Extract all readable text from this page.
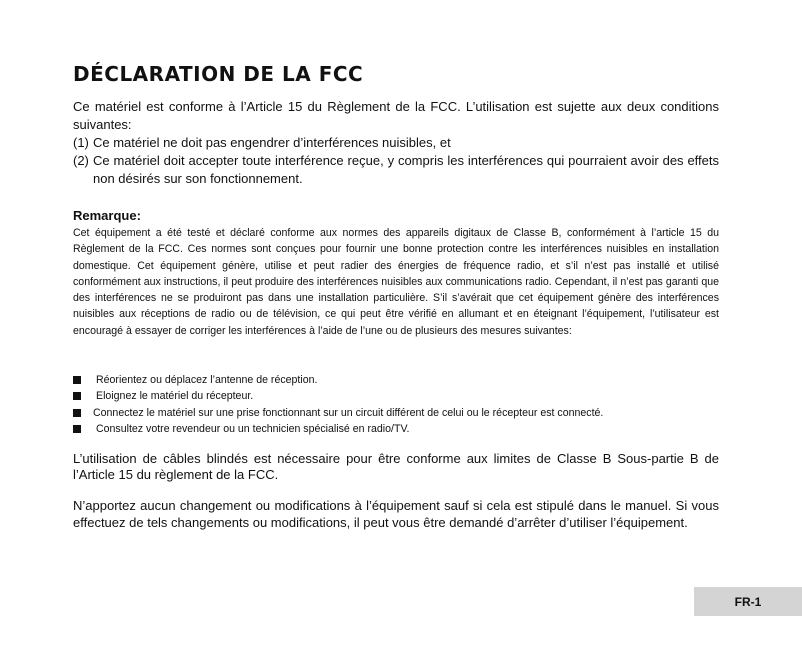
DÉCLARATION DE LA FCC

Ce matériel est conforme à l’Article 15 du Règlement de la FCC. L’utilisation est sujette aux deux conditions suivantes:

(1) Ce matériel ne doit pas engendrer d’interférences nuisibles, et
(2) Ce matériel doit accepter toute interférence reçue, y compris les interférences qui pourraient avoir des effets non désirés sur son fonctionnement.
Remarque:

Cet équipement a été testé et déclaré conforme aux normes des appareils digitaux de Classe B, conformément à l’article 15 du Règlement de la FCC. Ces normes sont conçues pour fournir une bonne protection contre les interférences nuisibles en installation domestique. Cet équipement génère, utilise et peut radier des énergies de fréquence radio, et s’il n’est pas installé et utilisé conformément aux instructions, il peut produire des interférences nuisibles aux communications radio. Cependant, il n’est pas garanti que des interférences ne se produiront pas dans une installation particulière. S’il s’avérait que cet équipement génère des interférences nuisibles aux réceptions de radio ou de télévision, ce qui peut être vérifié en allumant et en éteignant l’équipement, l’utilisateur est encouragé à essayer de corriger les interférences à l’aide de l’une ou de plusieurs des mesures suivantes:

Réorientez ou déplacez l’antenne de réception.
Eloignez le matériel du récepteur.
Connectez le matériel sur une prise fonctionnant sur un circuit différent de celui ou le récepteur est connecté.
Consultez votre revendeur ou un technicien spécialisé en radio/TV.

L’utilisation de câbles blindés est nécessaire pour être conforme aux limites de Classe B Sous-partie B de l’Article 15 du règlement de la FCC.

N’apportez aucun changement ou modifications à l’équipement sauf si cela est stipulé dans le manuel. Si vous effectuez de tels changements ou modifications, il peut vous être demandé d’arrêter d’utiliser l’équipement.

FR-1
